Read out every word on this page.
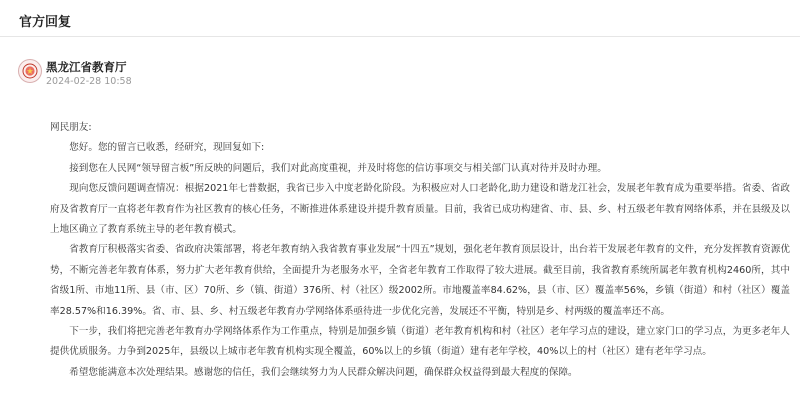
官方回复
黑龙江省教育厅
2024-02-28 10:58

网民朋友:

您好。您的留言已收悉，经研究，现回复如下:

接到您在人民网“领导留言板”所反映的问题后，我们对此高度重视，并及时将您的信访事项交与相关部门认真对待并及时办理。

现向您反馈问题调查情况：根据2021年七普数据，我省已步入中度老龄化阶段。为积极应对人口老龄化,助力建设和谐龙江社会，发展老年教育成为重要举措。省委、省政府及省教育厅一直将老年教育作为社区教育的核心任务，不断推进体系建设并提升教育质量。目前，我省已成功构建省、市、县、乡、村五级老年教育网络体系，并在县级及以上地区确立了教育系统主导的老年教育模式。

省教育厅积极落实省委、省政府决策部署，将老年教育纳入我省教育事业发展“十四五”规划，强化老年教育顶层设计，出台若干发展老年教育的文件，充分发挥教育资源优势，不断完善老年教育体系，努力扩大老年教育供给，全面提升为老服务水平，全省老年教育工作取得了较大进展。截至目前，我省教育系统所属老年教育机构2460所，其中省级1所、市地11所、县（市、区）70所、乡（镇、街道）376所、村（社区）级2002所。市地覆盖率84.62%，县（市、区）覆盖率56%，乡镇（街道）和村（社区）覆盖率28.57%和16.39%。省、市、县、乡、村五级老年教育办学网络体系亟待进一步优化完善，发展还不平衡，特别是乡、村两级的覆盖率还不高。

下一步，我们将把完善老年教育办学网络体系作为工作重点，特别是加强乡镇（街道）老年教育机构和村（社区）老年学习点的建设，建立家门口的学习点，为更多老年人提供优质服务。力争到2025年，县级以上城市老年教育机构实现全覆盖，60%以上的乡镇（街道）建有老年学校，40%以上的村（社区）建有老年学习点。

希望您能满意本次处理结果。感谢您的信任，我们会继续努力为人民群众解决问题，确保群众权益得到最大程度的保障。
